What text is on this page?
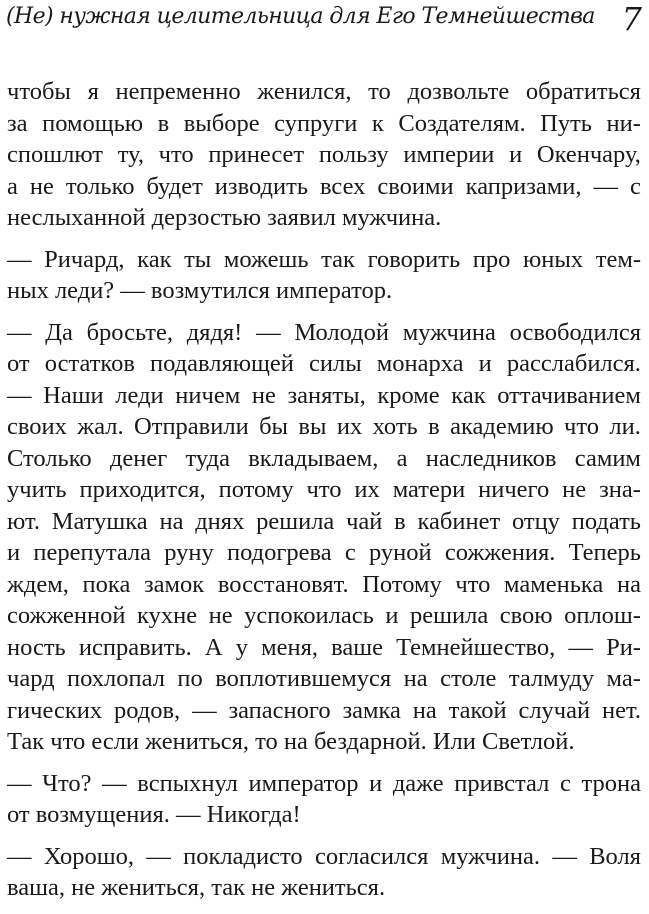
(Не) нужная целительница для Его Темнейшества 7
чтобы я непременно женился, то дозвольте обратиться
за помощью в выборе супруги к Создателям. Путь ни-
спошлют ту, что принесет пользу империи и Окенчару,
а не только будет изводить всех своими капризами, — с
неслыханной дерзостью заявил мужчина.
— Ричард, как ты можешь так говорить про юных тем-
ных леди? — возмутился император.
— Да бросьте, дядя! — Молодой мужчина освободился
от остатков подавляющей силы монарха и расслабился.
— Наши леди ничем не заняты, кроме как оттачиванием
своих жал. Отправили бы вы их хоть в академию что ли.
Столько денег туда вкладываем, а наследников самим
учить приходится, потому что их матери ничего не зна-
ют. Матушка на днях решила чай в кабинет отцу подать
и перепутала руну подогрева с руной сожжения. Теперь
ждем, пока замок восстановят. Потому что маменька на
сожженной кухне не успокоилась и решила свою оплош-
ность исправить. А у меня, ваше Темнейшество, — Ри-
чард похлопал по воплотившемуся на столе талмуду ма-
гических родов, — запасного замка на такой случай нет.
Так что если жениться, то на бездарной. Или Светлой.
— Что? — вспыхнул император и даже привстал с трона
от возмущения. — Никогда!
— Хорошо, — покладисто согласился мужчина. — Воля
ваша, не жениться, так не жениться.
